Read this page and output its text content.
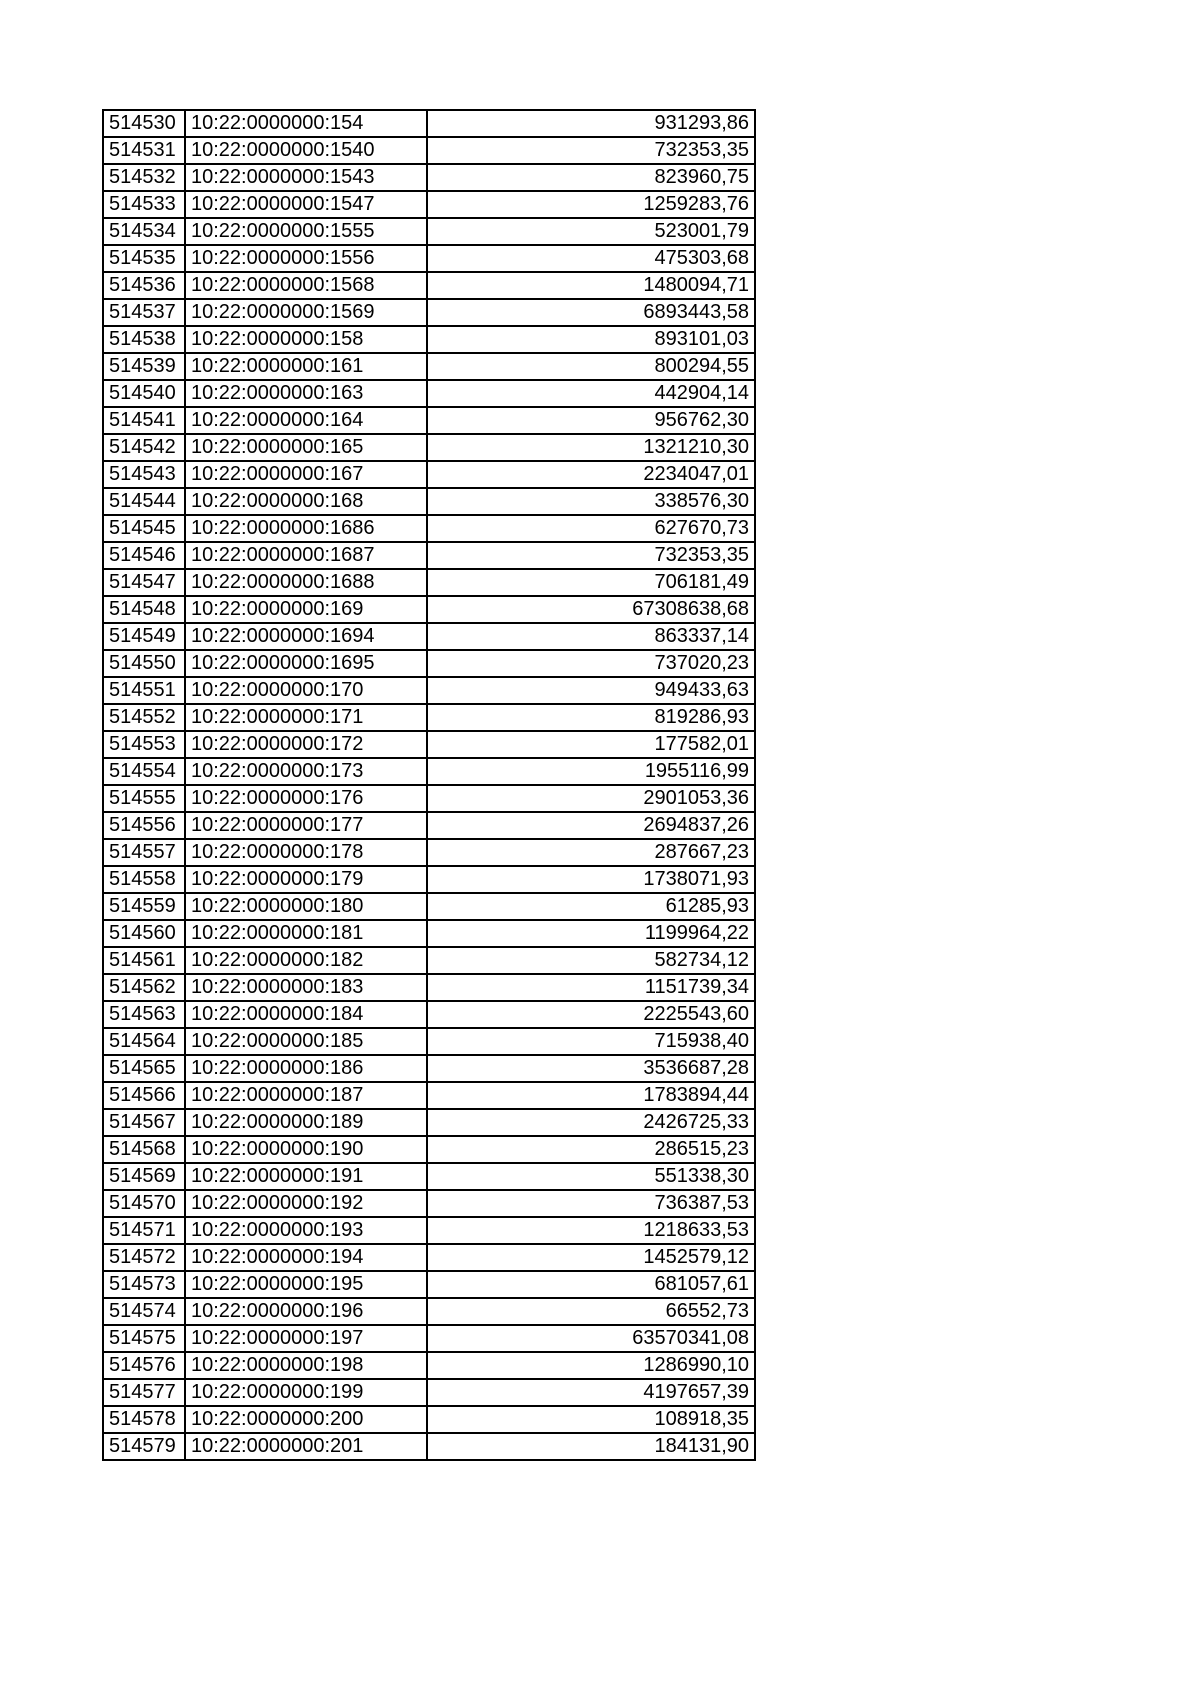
514530	10:22:0000000:154	931293,86
514531	10:22:0000000:1540	732353,35
514532	10:22:0000000:1543	823960,75
514533	10:22:0000000:1547	1259283,76
514534	10:22:0000000:1555	523001,79
514535	10:22:0000000:1556	475303,68
514536	10:22:0000000:1568	1480094,71
514537	10:22:0000000:1569	6893443,58
514538	10:22:0000000:158	893101,03
514539	10:22:0000000:161	800294,55
514540	10:22:0000000:163	442904,14
514541	10:22:0000000:164	956762,30
514542	10:22:0000000:165	1321210,30
514543	10:22:0000000:167	2234047,01
514544	10:22:0000000:168	338576,30
514545	10:22:0000000:1686	627670,73
514546	10:22:0000000:1687	732353,35
514547	10:22:0000000:1688	706181,49
514548	10:22:0000000:169	67308638,68
514549	10:22:0000000:1694	863337,14
514550	10:22:0000000:1695	737020,23
514551	10:22:0000000:170	949433,63
514552	10:22:0000000:171	819286,93
514553	10:22:0000000:172	177582,01
514554	10:22:0000000:173	1955116,99
514555	10:22:0000000:176	2901053,36
514556	10:22:0000000:177	2694837,26
514557	10:22:0000000:178	287667,23
514558	10:22:0000000:179	1738071,93
514559	10:22:0000000:180	61285,93
514560	10:22:0000000:181	1199964,22
514561	10:22:0000000:182	582734,12
514562	10:22:0000000:183	1151739,34
514563	10:22:0000000:184	2225543,60
514564	10:22:0000000:185	715938,40
514565	10:22:0000000:186	3536687,28
514566	10:22:0000000:187	1783894,44
514567	10:22:0000000:189	2426725,33
514568	10:22:0000000:190	286515,23
514569	10:22:0000000:191	551338,30
514570	10:22:0000000:192	736387,53
514571	10:22:0000000:193	1218633,53
514572	10:22:0000000:194	1452579,12
514573	10:22:0000000:195	681057,61
514574	10:22:0000000:196	66552,73
514575	10:22:0000000:197	63570341,08
514576	10:22:0000000:198	1286990,10
514577	10:22:0000000:199	4197657,39
514578	10:22:0000000:200	108918,35
514579	10:22:0000000:201	184131,90
